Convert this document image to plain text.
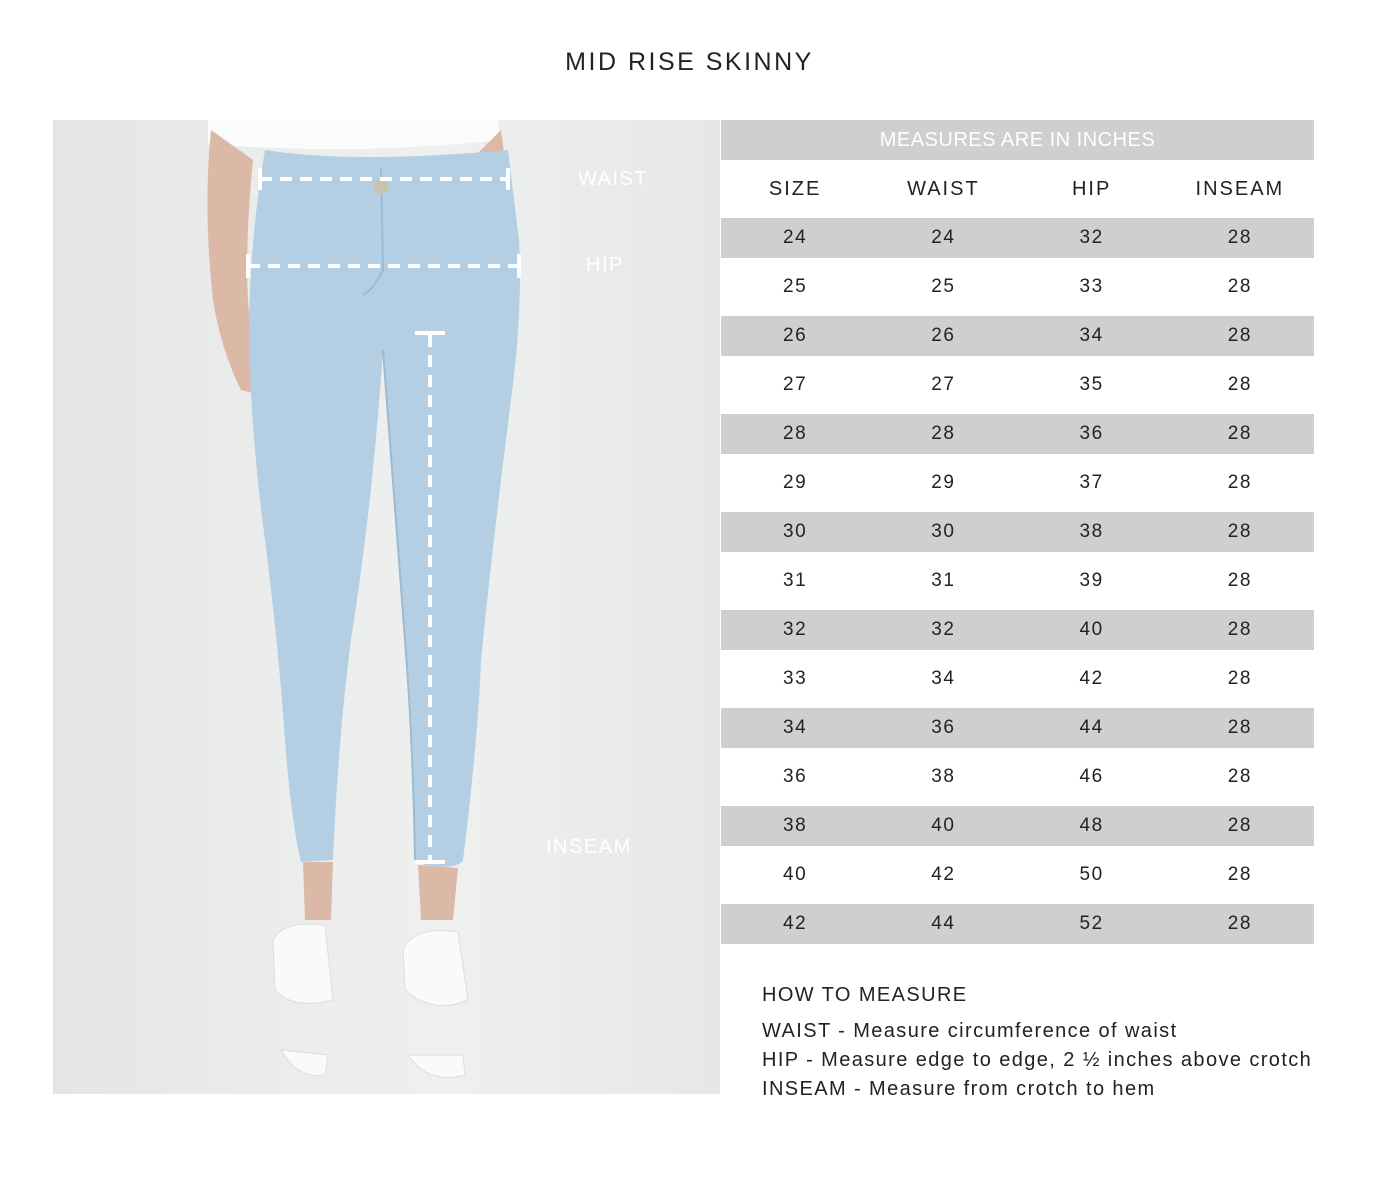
MID RISE SKINNY
WAIST
HIP
INSEAM
MEASURES ARE IN INCHES			
SIZE	WAIST	HIP	INSEAM
24	24	32	28
25	25	33	28
26	26	34	28
27	27	35	28
28	28	36	28
29	29	37	28
30	30	38	28
31	31	39	28
32	32	40	28
33	34	42	28
34	36	44	28
36	38	46	28
38	40	48	28
40	42	50	28
42	44	52	28
HOW TO MEASURE
WAIST - Measure circumference of waist
HIP - Measure edge to edge, 2 ½ inches above crotch
INSEAM - Measure from crotch to hem
